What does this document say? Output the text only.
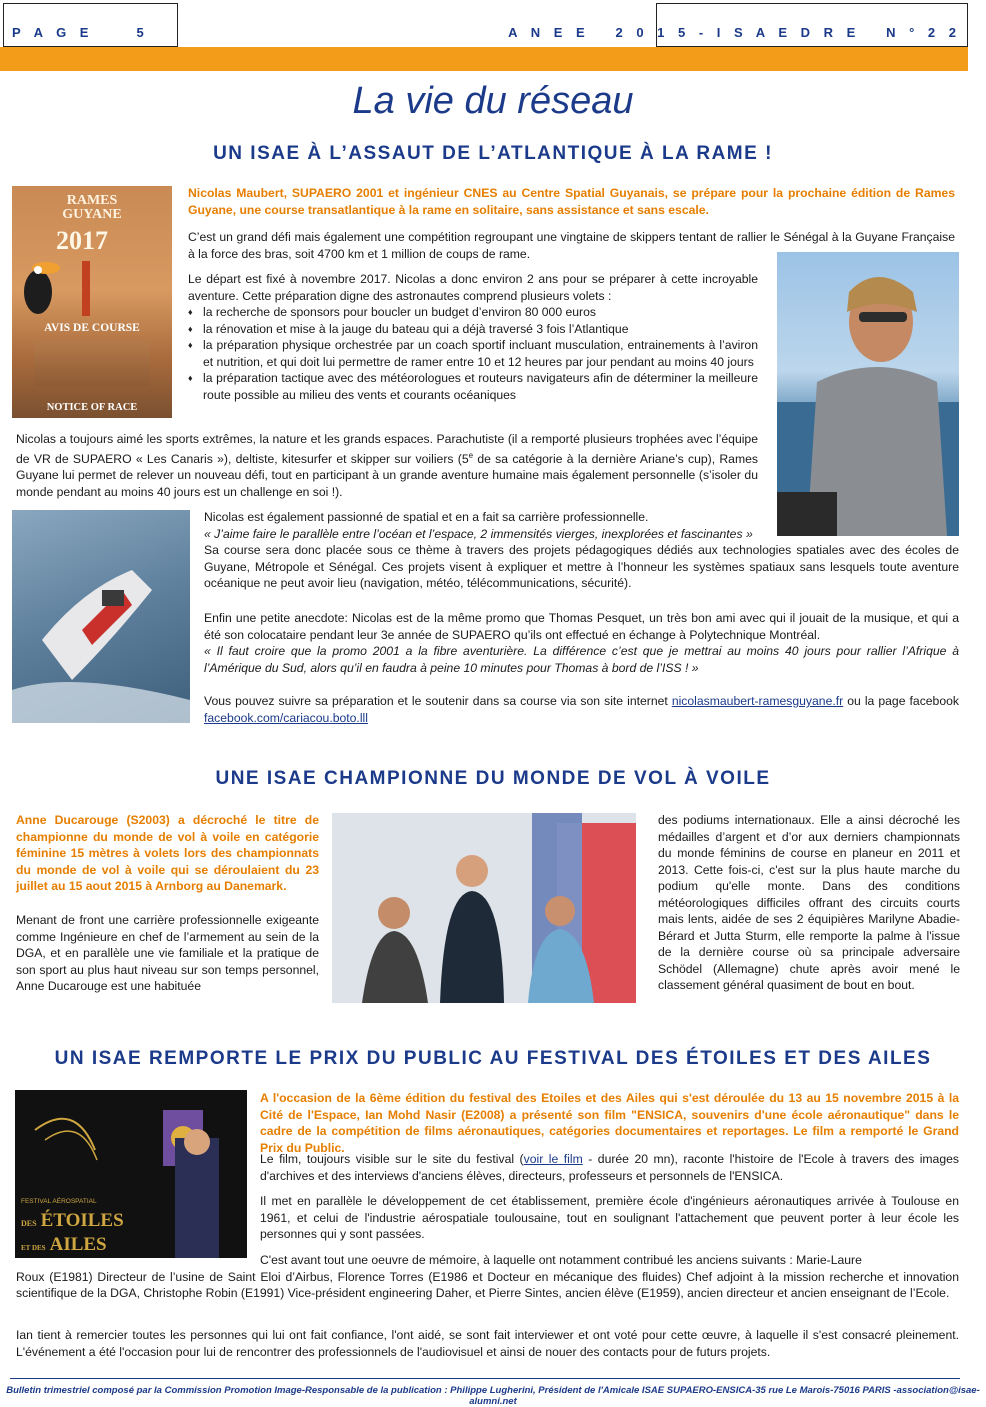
P A G E     5	A N E E   2 0 1 5 - I S A E D R E   N ° 2 2
La vie du réseau
UN ISAE À L’ASSAUT DE L’ATLANTIQUE À LA RAME !
RAMES
GUYANE
2017
AVIS DE COURSE
NOTICE OF RACE

Nicolas Maubert, SUPAERO 2001 et ingénieur CNES au Centre Spatial Guyanais, se prépare pour la prochaine édition de Rames Guyane, une course transatlantique à la rame en solitaire, sans assistance et sans escale.

C’est un grand défi mais également une compétition regroupant une vingtaine de skippers tentant de rallier le Sénégal à la Guyane Française à la force des bras, soit 4700 km et 1 million de coups de rame.

Le départ est fixé à novembre 2017. Nicolas a donc environ 2 ans pour se préparer à cette incroyable aventure. Cette préparation digne des astronautes comprend plusieurs volets :

♦ la recherche de sponsors pour boucler un budget d’environ 80 000 euros
♦ la rénovation et mise à la jauge du bateau qui a déjà traversé 3 fois l’Atlantique
♦ la préparation physique orchestrée par un coach sportif incluant musculation, entrainements à l’aviron et nutrition, et qui doit lui permettre de ramer entre 10 et 12 heures par jour pendant au moins 40 jours
♦ la préparation tactique avec des météorologues et routeurs navigateurs afin de déterminer la meilleure route possible au milieu des vents et courants océaniques

Nicolas a toujours aimé les sports extrêmes, la nature et les grands espaces. Parachutiste (il a remporté plusieurs trophées avec l’équipe de VR de SUPAERO « Les Canaris »), deltiste, kitesurfer et skipper sur voiliers (5e de sa catégorie à la dernière Ariane’s cup), Rames Guyane lui permet de relever un nouveau défi, tout en participant à un grande aventure humaine mais également personnelle (s’isoler du monde pendant au moins 40 jours est un challenge en soi !).

Nicolas est également passionné de spatial et en a fait sa carrière professionnelle.

« J’aime faire le parallèle entre l’océan et l’espace, 2 immensités vierges, inexplorées et fascinantes »

Sa course sera donc placée sous ce thème à travers des projets pédagogiques dédiés aux technologies spatiales avec des écoles de Guyane, Métropole et Sénégal. Ces projets visent à expliquer et mettre à l’honneur les systèmes spatiaux sans lesquels toute aventure océanique ne peut avoir lieu (navigation, météo, télécommunications, sécurité).

Enfin une petite anecdote: Nicolas est de la même promo que Thomas Pesquet, un très bon ami avec qui il jouait de la musique, et qui a été son colocataire pendant leur 3e année de SUPAERO qu’ils ont effectué en échange à Polytechnique Montréal.

« Il faut croire que la promo 2001 a la fibre aventurière. La différence c’est que je mettrai au moins 40 jours pour rallier l’Afrique à l’Amérique du Sud, alors qu’il en faudra à peine 10 minutes pour Thomas à bord de l’ISS ! »

Vous pouvez suivre sa préparation et le soutenir dans sa course via son site internet nicolasmaubert-ramesguyane.fr ou la page facebook facebook.com/cariacou.boto.lll

UNE ISAE CHAMPIONNE DU MONDE DE VOL À VOILE

Anne Ducarouge (S2003) a décroché le titre de championne du monde de vol à voile en catégorie féminine 15 mètres à volets lors des championnats du monde de vol à voile qui se déroulaient du 23 juillet au 15 aout 2015 à Arnborg au Danemark.

Menant de front une carrière professionnelle exigeante comme Ingénieure en chef de l’armement au sein de la DGA, et en parallèle une vie familiale et la pratique de son sport au plus haut niveau sur son temps personnel, Anne Ducarouge est une habituée

des podiums internationaux. Elle a ainsi décroché les médailles d’argent et d’or aux derniers championnats du monde féminins de course en planeur en 2011 et 2013. Cette fois-ci, c'est sur la plus haute marche du podium qu'elle monte. Dans des conditions météorologiques difficiles offrant des circuits courts mais lents, aidée de ses 2 équipières Marilyne Abadie-Bérard et Jutta Sturm, elle remporte la palme à l'issue de la dernière course où sa principale adversaire Schödel (Allemagne) chute après avoir mené le classement général quasiment de bout en bout.

UN ISAE REMPORTE LE PRIX DU PUBLIC AU FESTIVAL DES ÉTOILES ET DES AILES
FESTIVAL AÉROSPATIAL
DES ÉTOILES
ET DES AILES

A l'occasion de la 6ème édition du festival des Etoiles et des Ailes qui s'est déroulée du 13 au 15 novembre 2015 à la Cité de l'Espace, Ian Mohd Nasir (E2008) a présenté son film "ENSICA, souvenirs d'une école aéronautique" dans le cadre de la compétition de films aéronautiques, catégories documentaires et reportages. Le film a remporté le Grand Prix du Public.

Le film, toujours visible sur le site du festival (voir le film - durée 20 mn), raconte l'histoire de l'Ecole à travers des images d'archives et des interviews d'anciens élèves, directeurs, professeurs et personnels de l'ENSICA.

Il met en parallèle le développement de cet établissement, première école d'ingénieurs aéronautiques arrivée à Toulouse en 1961, et celui de l'industrie aérospatiale toulousaine, tout en soulignant l'attachement que peuvent porter à leur école les personnes qui y sont passées.

C'est avant tout une oeuvre de mémoire, à laquelle ont notamment contribué les anciens suivants : Marie-Laure

Roux (E1981) Directeur de l’usine de Saint Eloi d’Airbus, Florence Torres (E1986 et Docteur en mécanique des fluides) Chef adjoint à la mission recherche et innovation scientifique de la DGA, Christophe Robin (E1991) Vice-président engineering Daher, et Pierre Sintes, ancien élève (E1959), ancien directeur et ancien enseignant de l’Ecole.

Ian tient à remercier toutes les personnes qui lui ont fait confiance, l'ont aidé, se sont fait interviewer et ont voté pour cette œuvre, à laquelle il s'est consacré pleinement. L'événement a été l'occasion pour lui de rencontrer des professionnels de l'audiovisuel et ainsi de nouer des contacts pour de futurs projets.

Bulletin trimestriel composé par la Commission Promotion Image-Responsable de la publication : Philippe Lugherini, Président de l'Amicale ISAE SUPAERO-ENSICA-35 rue Le Marois-75016 PARIS -association@isae-alumni.net
